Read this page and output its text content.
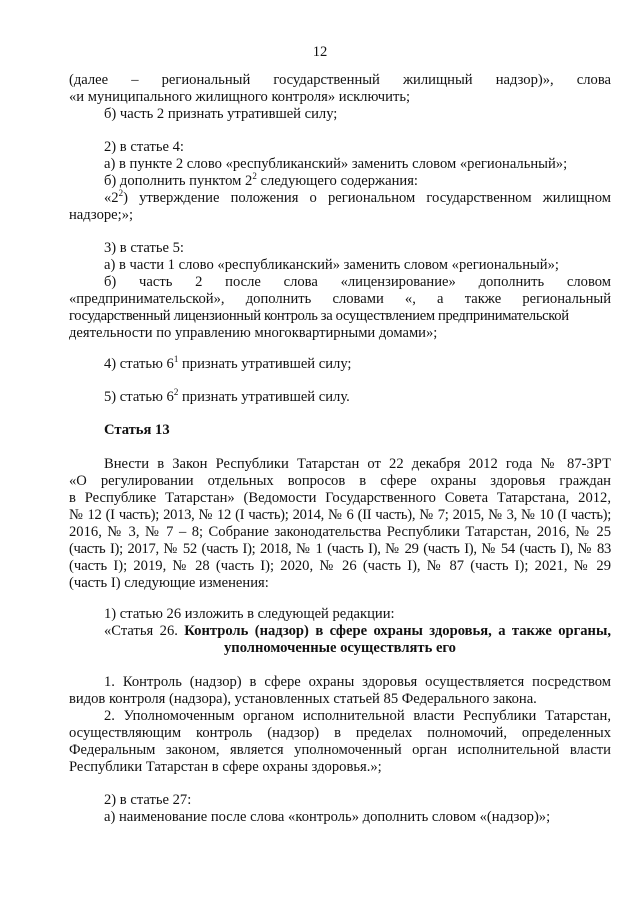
12
(далее – региональный государственный жилищный надзор)», слова
«и муниципального жилищного контроля» исключить;
б) часть 2 признать утратившей силу;
2) в статье 4:
а) в пункте 2 слово «республиканский» заменить словом «региональный»;
б) дополнить пунктом $2^2$ следующего содержания:
«$2^2$) утверждение положения о региональном государственном жилищном
надзоре;»;
3) в статье 5:
а) в части 1 слово «республиканский» заменить словом «региональный»;
б) часть 2 после слова «лицензирование» дополнить словом
«предпринимательской», дополнить словами «, а также региональный
государственный лицензионный контроль за осуществлением предпринимательской
деятельности по управлению многоквартирными домами»;
4) статью $6^1$ признать утратившей силу;
5) статью $6^2$ признать утратившей силу.
Статья 13
Внести в Закон Республики Татарстан от 22 декабря 2012 года № 87-ЗРТ
«О регулировании отдельных вопросов в сфере охраны здоровья граждан
в Республике Татарстан» (Ведомости Государственного Совета Татарстана, 2012,
№ 12 (I часть); 2013, № 12 (I часть); 2014, № 6 (II часть), № 7; 2015, № 3, № 10 (I часть);
2016, № 3, № 7 – 8; Собрание законодательства Республики Татарстан, 2016, № 25
(часть I); 2017, № 52 (часть I); 2018, № 1 (часть I), № 29 (часть I), № 54 (часть I), № 83
(часть I); 2019, № 28 (часть I); 2020, № 26 (часть I), № 87 (часть I); 2021, № 29
(часть I) следующие изменения:
1) статью 26 изложить в следующей редакции:
«Статья 26. Контроль (надзор) в сфере охраны здоровья, а также органы,
уполномоченные осуществлять его
1. Контроль (надзор) в сфере охраны здоровья осуществляется посредством
видов контроля (надзора), установленных статьей 85 Федерального закона.
2. Уполномоченным органом исполнительной власти Республики Татарстан,
осуществляющим контроль (надзор) в пределах полномочий, определенных
Федеральным законом, является уполномоченный орган исполнительной власти
Республики Татарстан в сфере охраны здоровья.»;
2) в статье 27:
а) наименование после слова «контроль» дополнить словом «(надзор)»;
